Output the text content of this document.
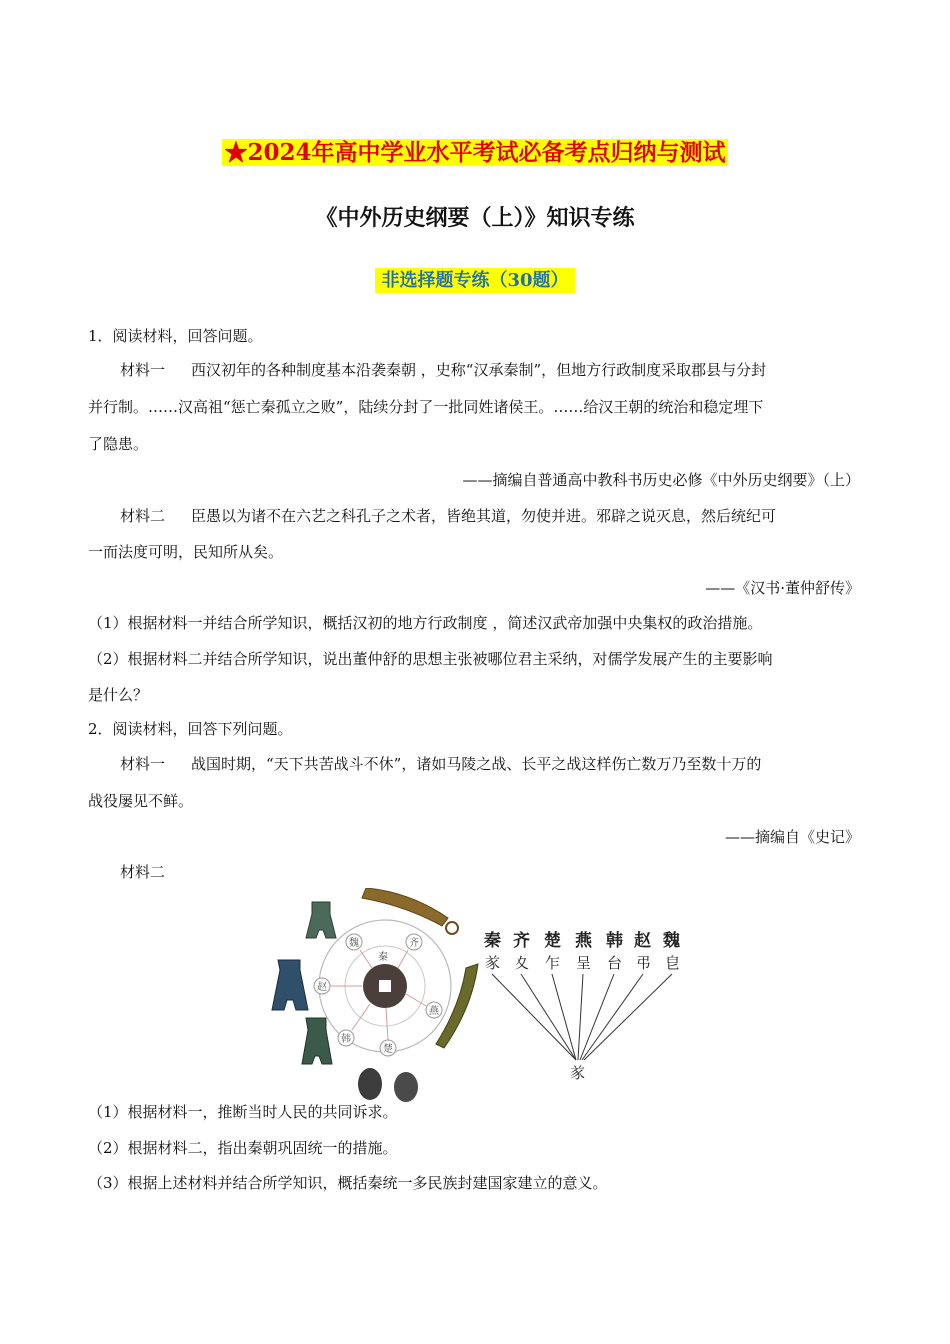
★2024年高中学业水平考试必备考点归纳与测试
《中外历史纲要（上）》知识专练
非选择题专练（30题）
1．阅读材料，回答问题。
材料一 西汉初年的各种制度基本沿袭秦朝 ，史称“汉承秦制”，但地方行政制度采取郡县与分封
并行制。……汉高祖“惩亡秦孤立之败”，陆续分封了一批同姓诸侯王。……给汉王朝的统治和稳定埋下
了隐患。
——摘编自普通高中教科书历史必修《中外历史纲要》（上）
材料二 臣愚以为诸不在六艺之科孔子之术者，皆绝其道，勿使并进。邪辟之说灭息，然后统纪可
一而法度可明，民知所从矣。
——《汉书·董仲舒传》
（1）根据材料一并结合所学知识，概括汉初的地方行政制度 ，简述汉武帝加强中央集权的政治措施。
（2）根据材料二并结合所学知识，说出董仲舒的思想主张被哪位君主采纳，对儒学发展产生的主要影响
是什么？
2．阅读材料，回答下列问题。
材料一 战国时期，“天下共苦战斗不休”，诸如马陵之战、长平之战这样伤亡数万乃至数十万的
战役屡见不鲜。
——摘编自《史记》
材料二
秦
魏	齐
赵
燕
韩
楚
秦 齐 楚 燕 韩 赵 魏
㒸 夊 乍 呈 台 弔 皀
㒸
（1）根据材料一，推断当时人民的共同诉求。
（2）根据材料二，指出秦朝巩固统一的措施。
（3）根据上述材料并结合所学知识，概括秦统一多民族封建国家建立的意义。
